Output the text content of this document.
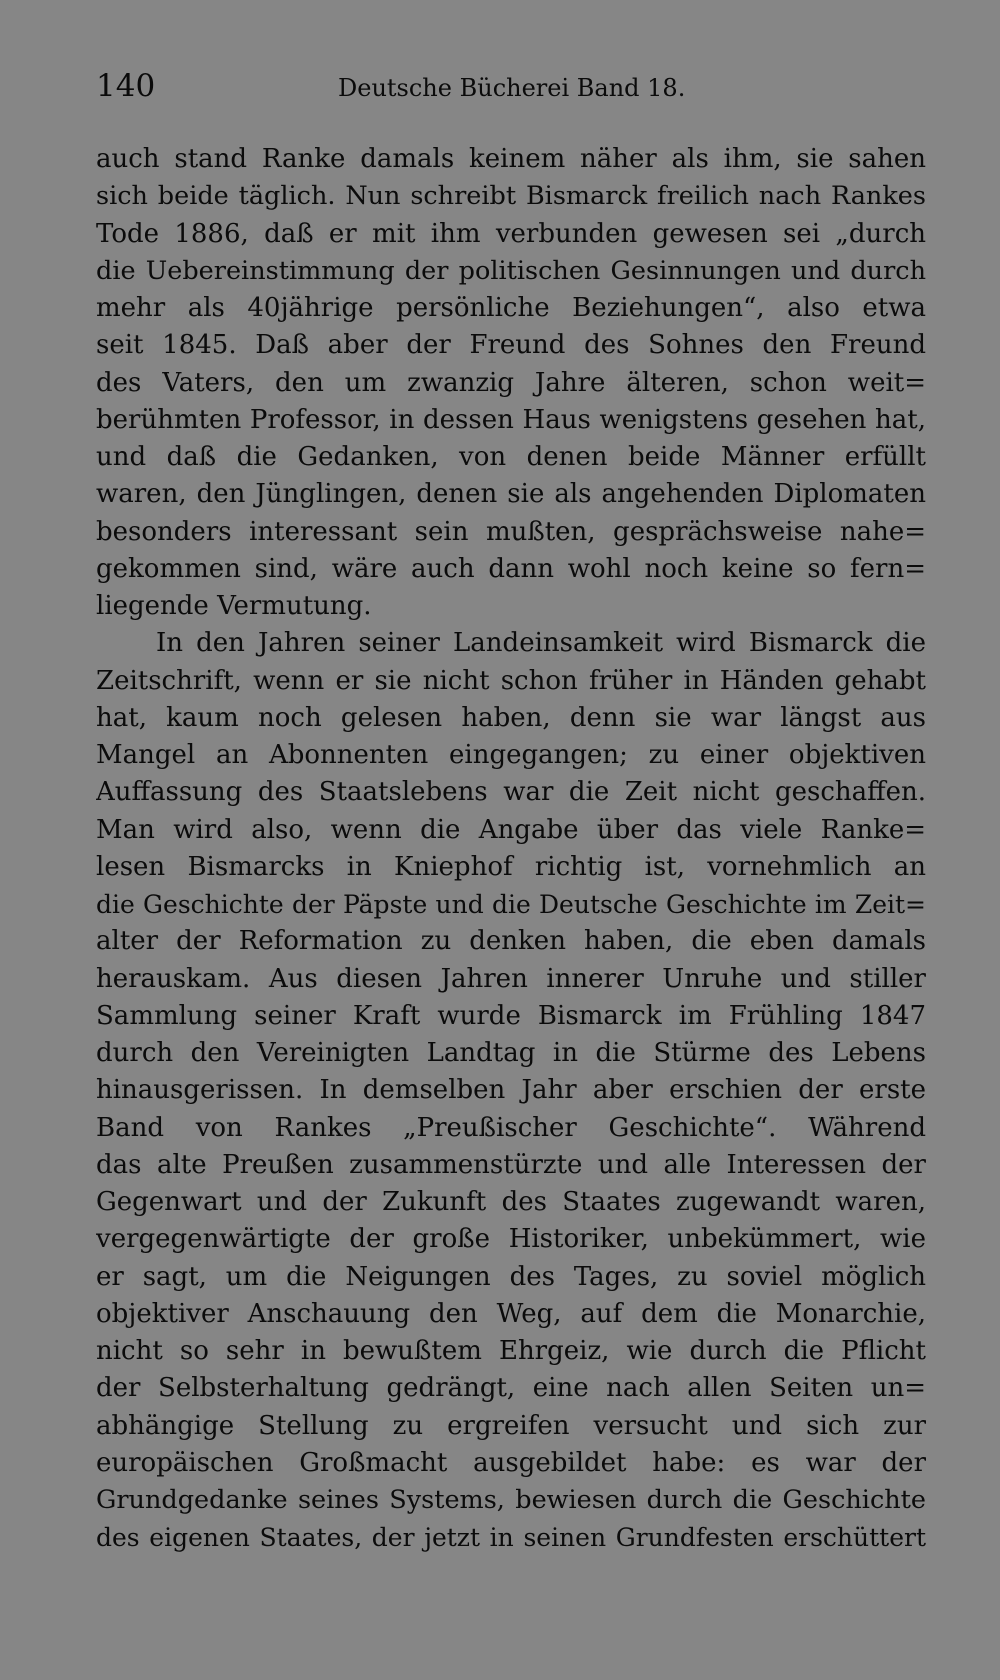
140	Deutsche Bücherei Band 18.
auch stand Ranke damals keinem näher als ihm, sie sahen
sich beide täglich. Nun schreibt Bismarck freilich nach Rankes
Tode 1886, daß er mit ihm verbunden gewesen sei „durch
die Uebereinstimmung der politischen Gesinnungen und durch
mehr als 40jährige persönliche Beziehungen“, also etwa
seit 1845. Daß aber der Freund des Sohnes den Freund
des Vaters, den um zwanzig Jahre älteren, schon weit=
berühmten Professor, in dessen Haus wenigstens gesehen hat,
und daß die Gedanken, von denen beide Männer erfüllt
waren, den Jünglingen, denen sie als angehenden Diplomaten
besonders interessant sein mußten, gesprächsweise nahe=
gekommen sind, wäre auch dann wohl noch keine so fern=
liegende Vermutung.
In den Jahren seiner Landeinsamkeit wird Bismarck die
Zeitschrift, wenn er sie nicht schon früher in Händen gehabt
hat, kaum noch gelesen haben, denn sie war längst aus
Mangel an Abonnenten eingegangen; zu einer objektiven
Auffassung des Staatslebens war die Zeit nicht geschaffen.
Man wird also, wenn die Angabe über das viele Ranke=
lesen Bismarcks in Kniephof richtig ist, vornehmlich an
die Geschichte der Päpste und die Deutsche Geschichte im Zeit=
alter der Reformation zu denken haben, die eben damals
herauskam. Aus diesen Jahren innerer Unruhe und stiller
Sammlung seiner Kraft wurde Bismarck im Frühling 1847
durch den Vereinigten Landtag in die Stürme des Lebens
hinausgerissen. In demselben Jahr aber erschien der erste
Band von Rankes „Preußischer Geschichte“. Während
das alte Preußen zusammenstürzte und alle Interessen der
Gegenwart und der Zukunft des Staates zugewandt waren,
vergegenwärtigte der große Historiker, unbekümmert, wie
er sagt, um die Neigungen des Tages, zu soviel möglich
objektiver Anschauung den Weg, auf dem die Monarchie,
nicht so sehr in bewußtem Ehrgeiz, wie durch die Pflicht
der Selbsterhaltung gedrängt, eine nach allen Seiten un=
abhängige Stellung zu ergreifen versucht und sich zur
europäischen Großmacht ausgebildet habe: es war der
Grundgedanke seines Systems, bewiesen durch die Geschichte
des eigenen Staates, der jetzt in seinen Grundfesten erschüttert
